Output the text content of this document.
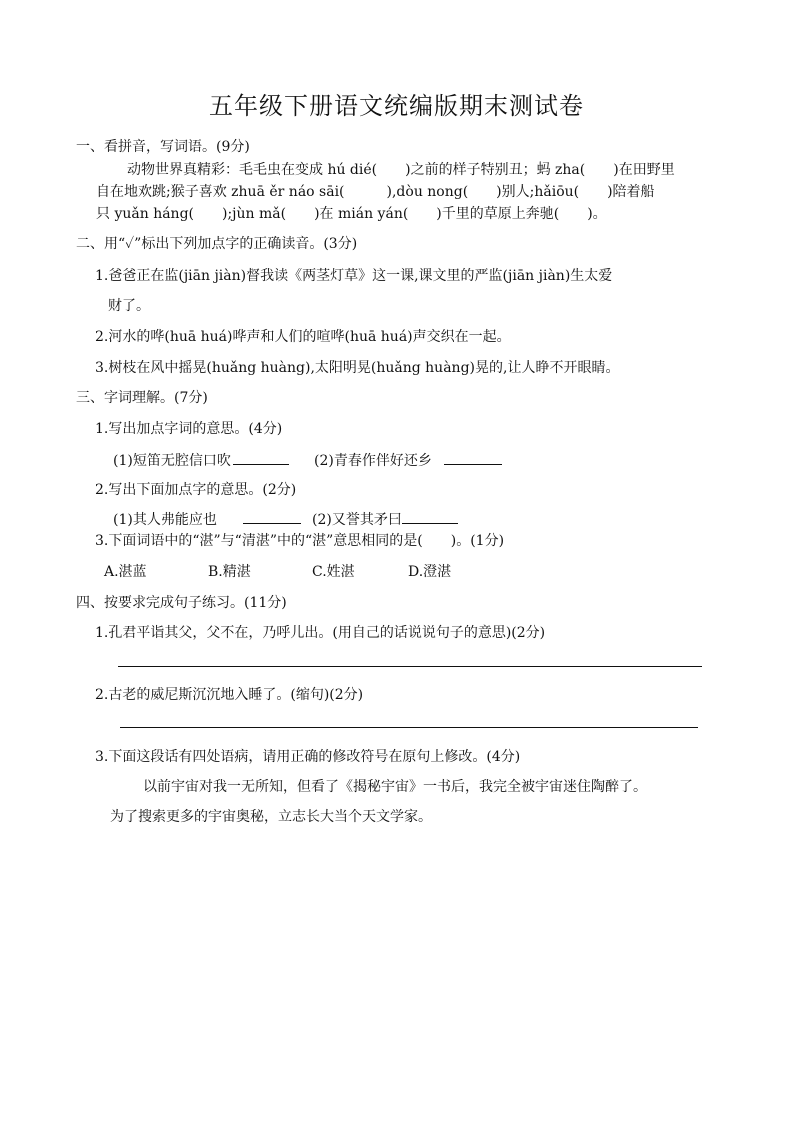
五年级下册语文统编版期末测试卷
一、看拼音，写词语。(9分)
动物世界真精彩：毛毛虫在变成 hú dié(　　)之前的样子特别丑；蚂 zha(　　)在田野里
自在地欢跳;猴子喜欢 zhuā ěr náo sāi(　　　),dòu nong(　　)别人;hǎiōu(　　)陪着船
只 yuǎn háng(　　);jùn mǎ(　　)在 mián yán(　　)千里的草原上奔驰(　　)。
二、用“✓”标出下列加点字的正确读音。(3分)
1.爸爸正在监(jiān jiàn)督我读《两茎灯草》这一课,课文里的严监(jiān jiàn)生太爱
财了。
2.河水的哗(huā huá)哗声和人们的喧哗(huā huá)声交织在一起。
3.树枝在风中摇晃(huǎng huàng),太阳明晃(huǎng huàng)晃的,让人睁不开眼睛。
三、字词理解。(7分)
1.写出加点字词的意思。(4分)
(1)短笛无腔信口吹	(2)青春作伴好还乡
2.写出下面加点字的意思。(2分)
(1)其人弗能应也	(2)又誉其矛曰
3.下面词语中的“湛”与“清湛”中的“湛”意思相同的是(　　)。(1分)
A.湛蓝	B.精湛	C.姓湛	D.澄湛
四、按要求完成句子练习。(11分)
1.孔君平诣其父，父不在，乃呼儿出。(用自己的话说说句子的意思)(2分)
2.古老的威尼斯沉沉地入睡了。(缩句)(2分)
3.下面这段话有四处语病，请用正确的修改符号在原句上修改。(4分)
以前宇宙对我一无所知，但看了《揭秘宇宙》一书后，我完全被宇宙迷住陶醉了。
为了搜索更多的宇宙奥秘，立志长大当个天文学家。
